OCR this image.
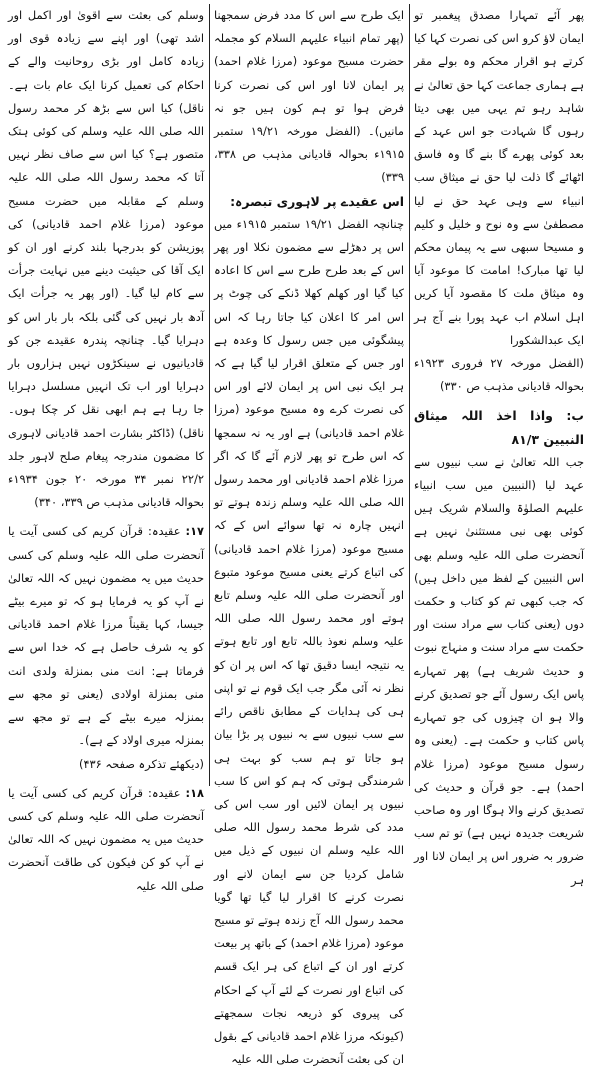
پھر آئے تمہارا مصدق پیغمبر تو ایمان لاؤ کرو اس کی نصرت کہا کیا کرتے ہو اقرار محکم وہ بولے مقر ہے ہماری جماعت کہا حق تعالیٰ نے شاہد رہو تم یہی میں بھی دیتا رہوں گا شہادت جو اس عہد کے بعد کوئی پھرے گا بنے گا وہ فاسق اٹھائے گا ذلت لیا حق نے میثاق سب انبیاء سے وہی عہد حق نے لیا مصطفیٰ سے وہ نوح و خلیل و کلیم و مسیحا سبھی سے یہ پیمان محکم لیا تھا مبارک! امامت کا موعود آیا وہ میثاق ملت کا مقصود آیا کریں اہل اسلام اب عہد پورا بنے آج ہر ایک عبدالشکورا

(الفضل مورخہ ۲۷ فروری ۱۹۲۳ء بحوالہ قادیانی مذہب ص ۳۳۰)

ب: واذا اخذ اللہ میثاق النبیین ۸۱/۳

جب اللہ تعالیٰ نے سب نبیوں سے عہد لیا (النبیین میں سب انبیاء علیہم الصلوٰۃ والسلام شریک ہیں کوئی بھی نبی مستثنیٰ نہیں ہے آنحضرت صلی اللہ علیہ وسلم بھی اس النبیین کے لفظ میں داخل ہیں) کہ جب کبھی تم کو کتاب و حکمت دوں (یعنی کتاب سے مراد سنت اور حکمت سے مراد سنت و منہاج نبوت و حدیث شریف ہے) پھر تمہارے پاس ایک رسول آئے جو تصدیق کرنے والا ہو ان چیزوں کی جو تمہارے پاس کتاب و حکمت ہے۔ (یعنی وہ رسول مسیح موعود (مرزا غلام احمد) ہے۔ جو قرآن و حدیث کی تصدیق کرنے والا ہوگا اور وہ صاحب شریعت جدیدہ نہیں ہے) تو تم سب ضرور بہ ضرور اس پر ایمان لانا اور ہر

ایک طرح سے اس کا مدد فرض سمجھنا (پھر تمام انبیاء علیہم السلام کو مجملہ حضرت مسیح موعود (مرزا غلام احمد) پر ایمان لانا اور اس کی نصرت کرنا فرض ہوا تو ہم کون ہیں جو نہ مانیں)۔ (الفضل مورخہ ۱۹/۲۱ ستمبر ۱۹۱۵ء بحوالہ قادیانی مذہب ص ۳۳۸، ۳۳۹)

اس عقیدے پر لاہوری تبصرہ:

چنانچہ الفضل ۱۹/۲۱ ستمبر ۱۹۱۵ء میں اس پر دھڑلے سے مضمون نکلا اور پھر اس کے بعد طرح طرح سے اس کا اعادہ کیا گیا اور کھلم کھلا ڈنکے کی چوٹ پر اس امر کا اعلان کیا جاتا رہا کہ اس پیشگوئی میں جس رسول کا وعدہ ہے اور جس کے متعلق اقرار لیا گیا ہے کہ ہر ایک نبی اس پر ایمان لائے اور اس کی نصرت کرے وہ مسیح موعود (مرزا غلام احمد قادیانی) ہے اور یہ نہ سمجھا کہ اس طرح تو پھر لازم آئے گا کہ اگر مرزا غلام احمد قادیانی اور محمد رسول اللہ صلی اللہ علیہ وسلم زندہ ہوتے تو انہیں چارہ نہ تھا سوائے اس کے کہ مسیح موعود (مرزا غلام احمد قادیانی) کی اتباع کرتے یعنی مسیح موعود متبوع اور آنحضرت صلی اللہ علیہ وسلم تابع ہوتے اور محمد رسول اللہ صلی اللہ علیہ وسلم نعوذ باللہ تابع اور تابع ہوتے یہ نتیجہ ایسا دقیق تھا کہ اس پر ان کو نظر نہ آئی مگر جب ایک قوم نے تو اپنی ہی کی ہدایات کے مطابق ناقص رائے سے سب نبیوں سے بہ نبیوں پر بڑا بیان ہو جاتا تو ہم سب کو بہت ہی شرمندگی ہوتی کہ ہم کو اس کا سب نبیوں پر ایمان لائیں اور سب اس کی مدد کی شرط محمد رسول اللہ صلی اللہ علیہ وسلم ان نبیوں کے ذیل میں شامل کردیا جن سے ایمان لانے اور نصرت کرنے کا اقرار لیا گیا تھا گویا محمد رسول اللہ آج زندہ ہوتے تو مسیح موعود (مرزا غلام احمد) کے باتھ پر بیعت کرتے اور ان کے اتباع کی ہر ایک قسم کی اتباع اور نصرت کے لئے آپ کے احکام کی پیروی کو ذریعہ نجات سمجھتے (کیونکہ مرزا غلام احمد قادیانی کے بقول ان کی بعثت آنحضرت صلی اللہ علیہ

وسلم کی بعثت سے اقویٰ اور اکمل اور اشد تھی) اور اپنے سے زیادہ قوی اور زیادہ کامل اور بڑی روحانیت والے کے احکام کی تعمیل کرنا ایک عام بات ہے۔ ناقل) کیا اس سے بڑھ کر محمد رسول اللہ صلی اللہ علیہ وسلم کی کوئی ہتک متصور ہے؟ کیا اس سے صاف نظر نہیں آتا کہ محمد رسول اللہ صلی اللہ علیہ وسلم کے مقابلہ میں حضرت مسیح موعود (مرزا غلام احمد قادیانی) کی پوزیشن کو بدرجہا بلند کرنے اور ان کو ایک آقا کی حیثیت دینے میں نہایت جرأت سے کام لیا گیا۔ (اور پھر یہ جرأت ایک آدھ بار نہیں کی گئی بلکہ بار بار اس کو دہرایا گیا۔ چنانچہ پندرہ عقیدے جن کو قادیانیوں نے سینکڑوں نہیں ہزاروں بار دہرایا اور اب تک انہیں مسلسل دہرایا جا رہا ہے ہم ابھی نقل کر چکا ہوں۔ ناقل) (ڈاکٹر بشارت احمد قادیانی لاہوری کا مضمون مندرجہ پیغام صلح لاہور جلد ۲۲/۲ نمبر ۳۴ مورخہ ۲۰ جون ۱۹۳۴ء بحوالہ قادیانی مذہب ص ۳۳۹، ۳۴۰)

۱۷: عقیدہ: قرآن کریم کی کسی آیت یا آنحضرت صلی اللہ علیہ وسلم کی کسی حدیث میں یہ مضمون نہیں کہ اللہ تعالیٰ نے آپ کو یہ فرمایا ہو کہ تو میرے بیٹے جیسا، کہا یقیناً مرزا غلام احمد قادیانی کو یہ شرف حاصل ہے کہ خدا اس سے فرماتا ہے: انت منی بمنزلة ولدی انت منی بمنزلة اولادی (یعنی تو مجھ سے بمنزلہ میرے بیٹے کے ہے تو مجھ سے بمنزلہ میری اولاد کے ہے)۔

(دیکھئے تذکرہ صفحہ ۴۳۶)

۱۸: عقیدہ: قرآن کریم کی کسی آیت یا آنحضرت صلی اللہ علیہ وسلم کی کسی حدیث میں یہ مضمون نہیں کہ اللہ تعالیٰ نے آپ کو کن فیکون کی طاقت آنحضرت صلی اللہ علیہ
